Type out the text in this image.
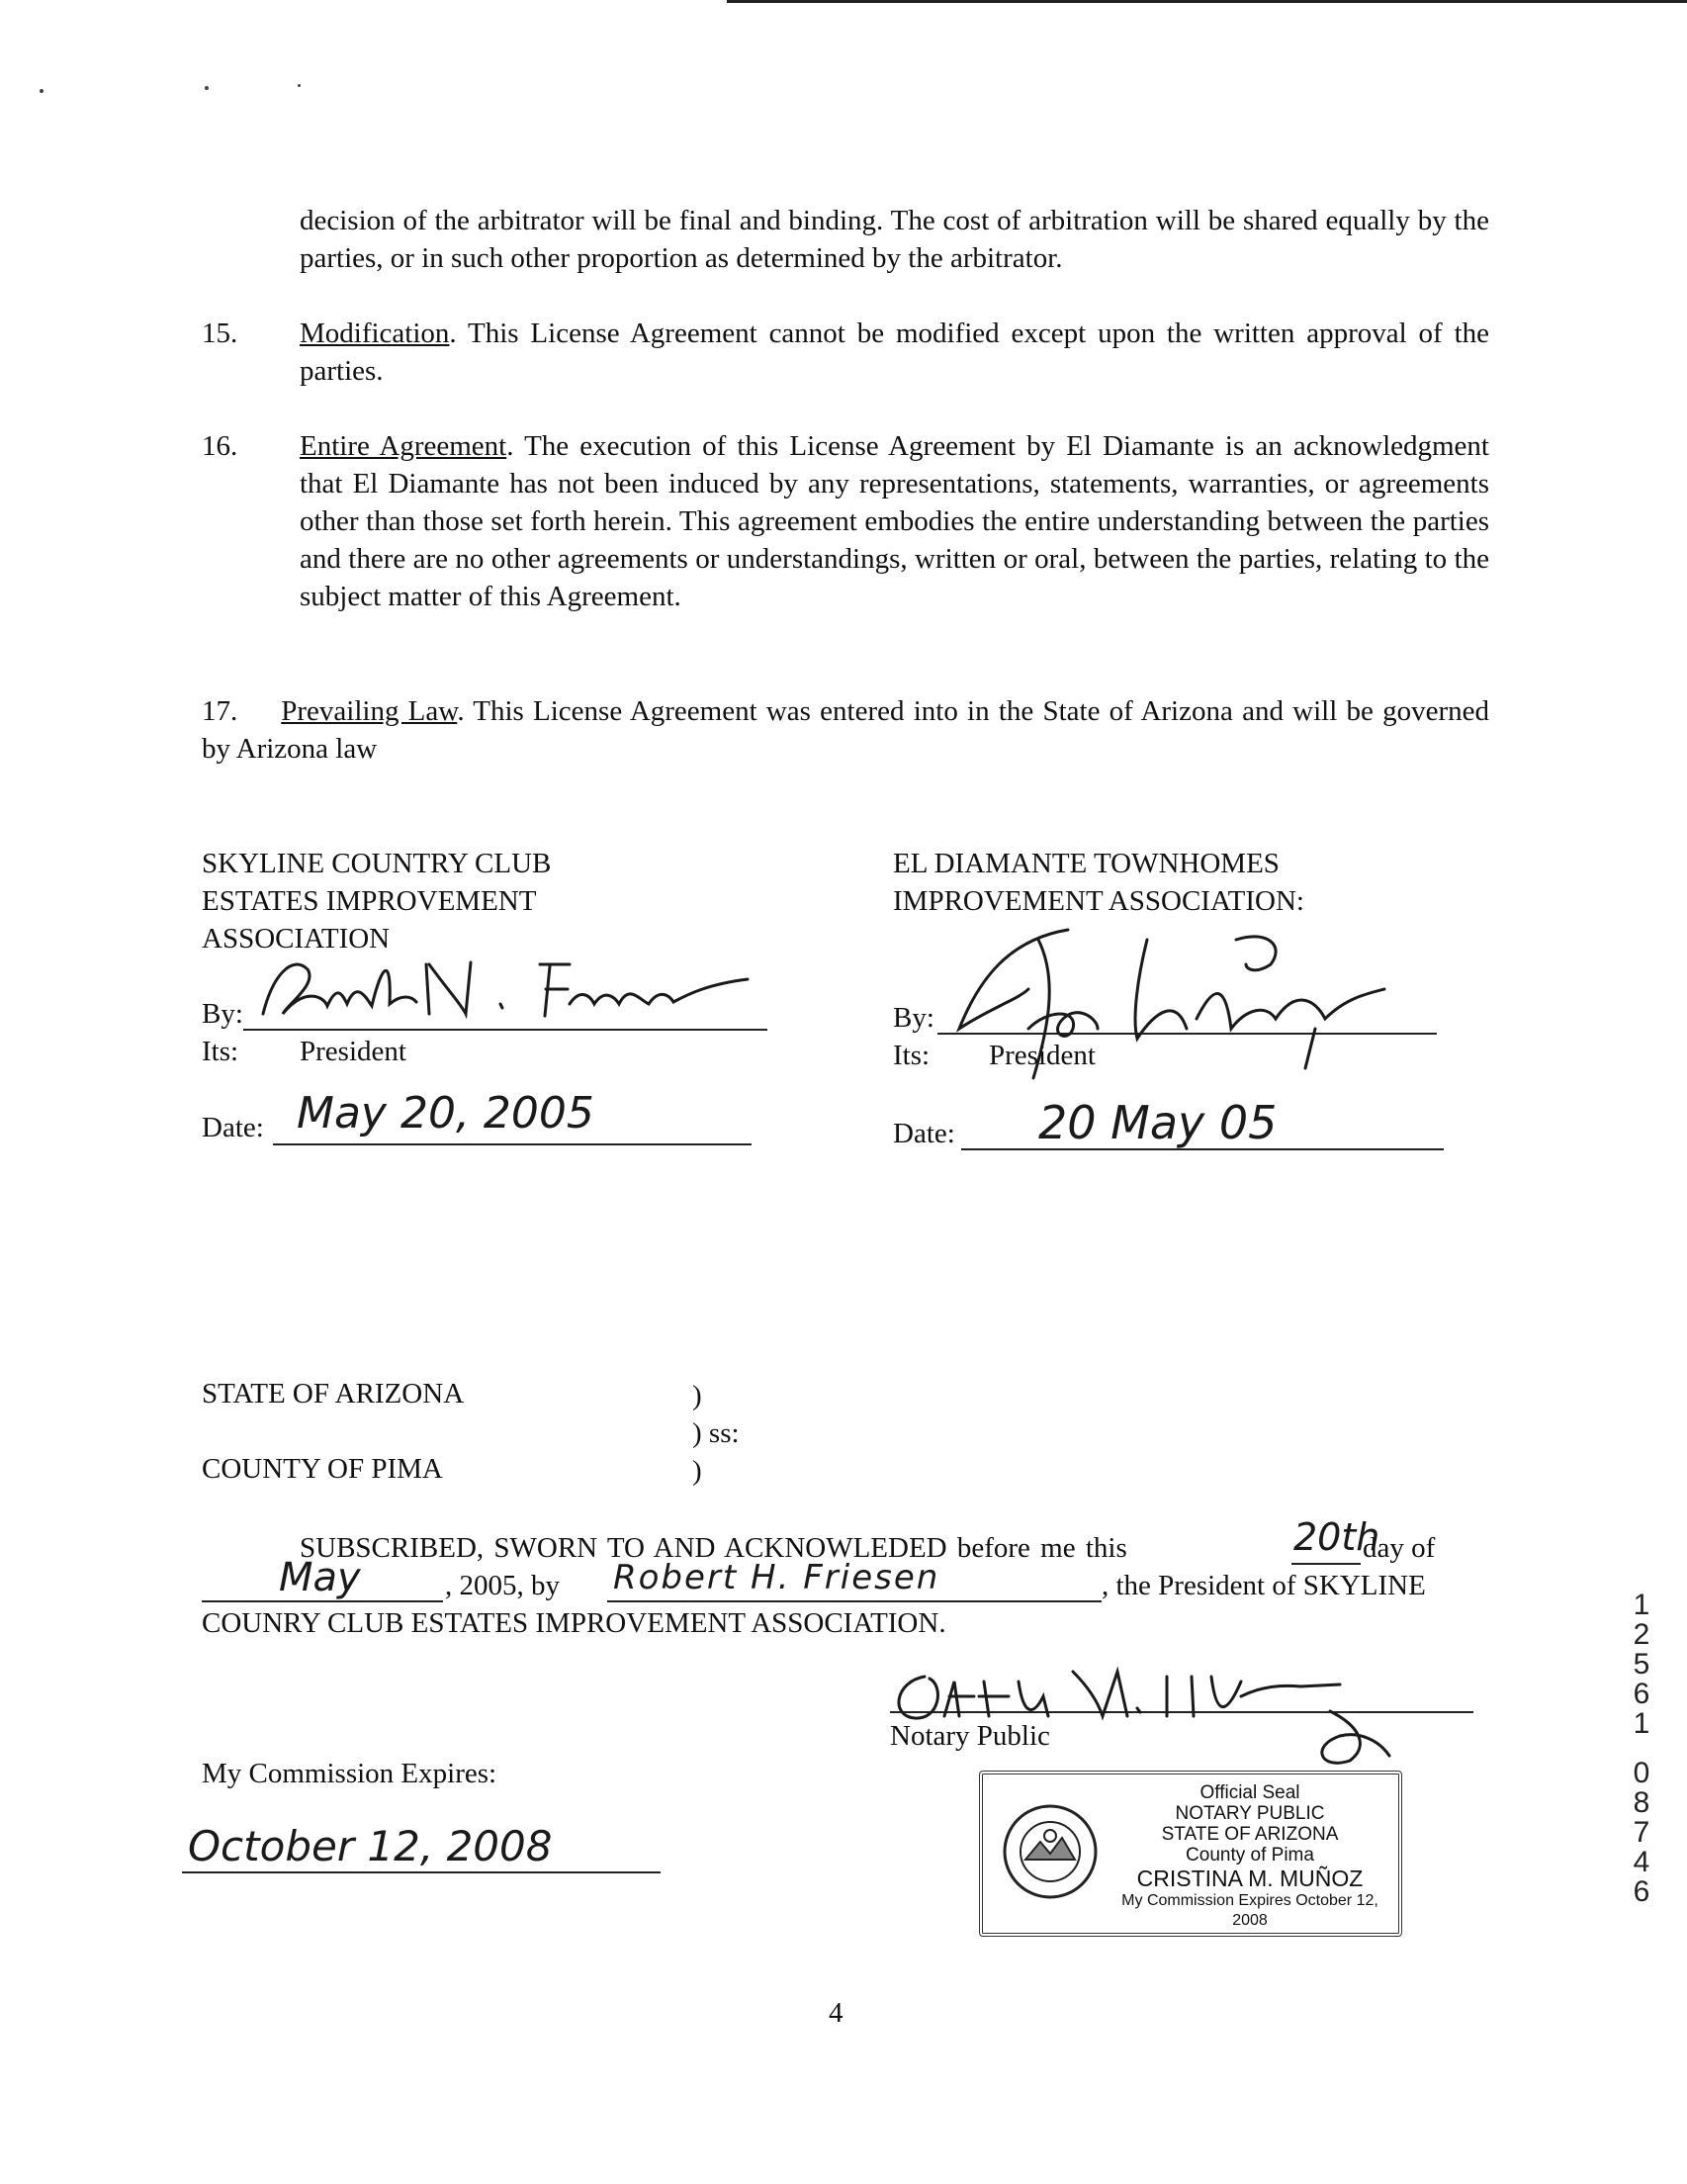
decision of the arbitrator will be final and binding. The cost of arbitration will be shared equally by the parties, or in such other proportion as determined by the arbitrator.
15. Modification. This License Agreement cannot be modified except upon the written approval of the parties.
16. Entire Agreement. The execution of this License Agreement by El Diamante is an acknowledgment that El Diamante has not been induced by any representations, statements, warranties, or agreements other than those set forth herein. This agreement embodies the entire understanding between the parties and there are no other agreements or understandings, written or oral, between the parties, relating to the subject matter of this Agreement.
17. Prevailing Law. This License Agreement was entered into in the State of Arizona and will be governed by Arizona law
SKYLINE COUNTRY CLUB
ESTATES IMPROVEMENT
ASSOCIATION
By:
Its: President
Date: May 20, 2005
EL DIAMANTE TOWNHOMES
IMPROVEMENT ASSOCIATION:
By:
Its: President
Date: 20 May 05
STATE OF ARIZONA
COUNTY OF PIMA
)
) ss:
)
SUBSCRIBED, SWORN TO AND ACKNOWLEDED before me this	20th
day of
May	, 2005, by Robert H. Friesen	, the President of SKYLINE
COUNRY CLUB ESTATES IMPROVEMENT ASSOCIATION.
Notary Public
My Commission Expires:
October 12, 2008
Official Seal
NOTARY PUBLIC
STATE OF ARIZONA
County of Pima
CRISTINA M. MUÑOZ
My Commission Expires October 12, 2008
4
1
2
5
6
1
0
8
7
4
6
